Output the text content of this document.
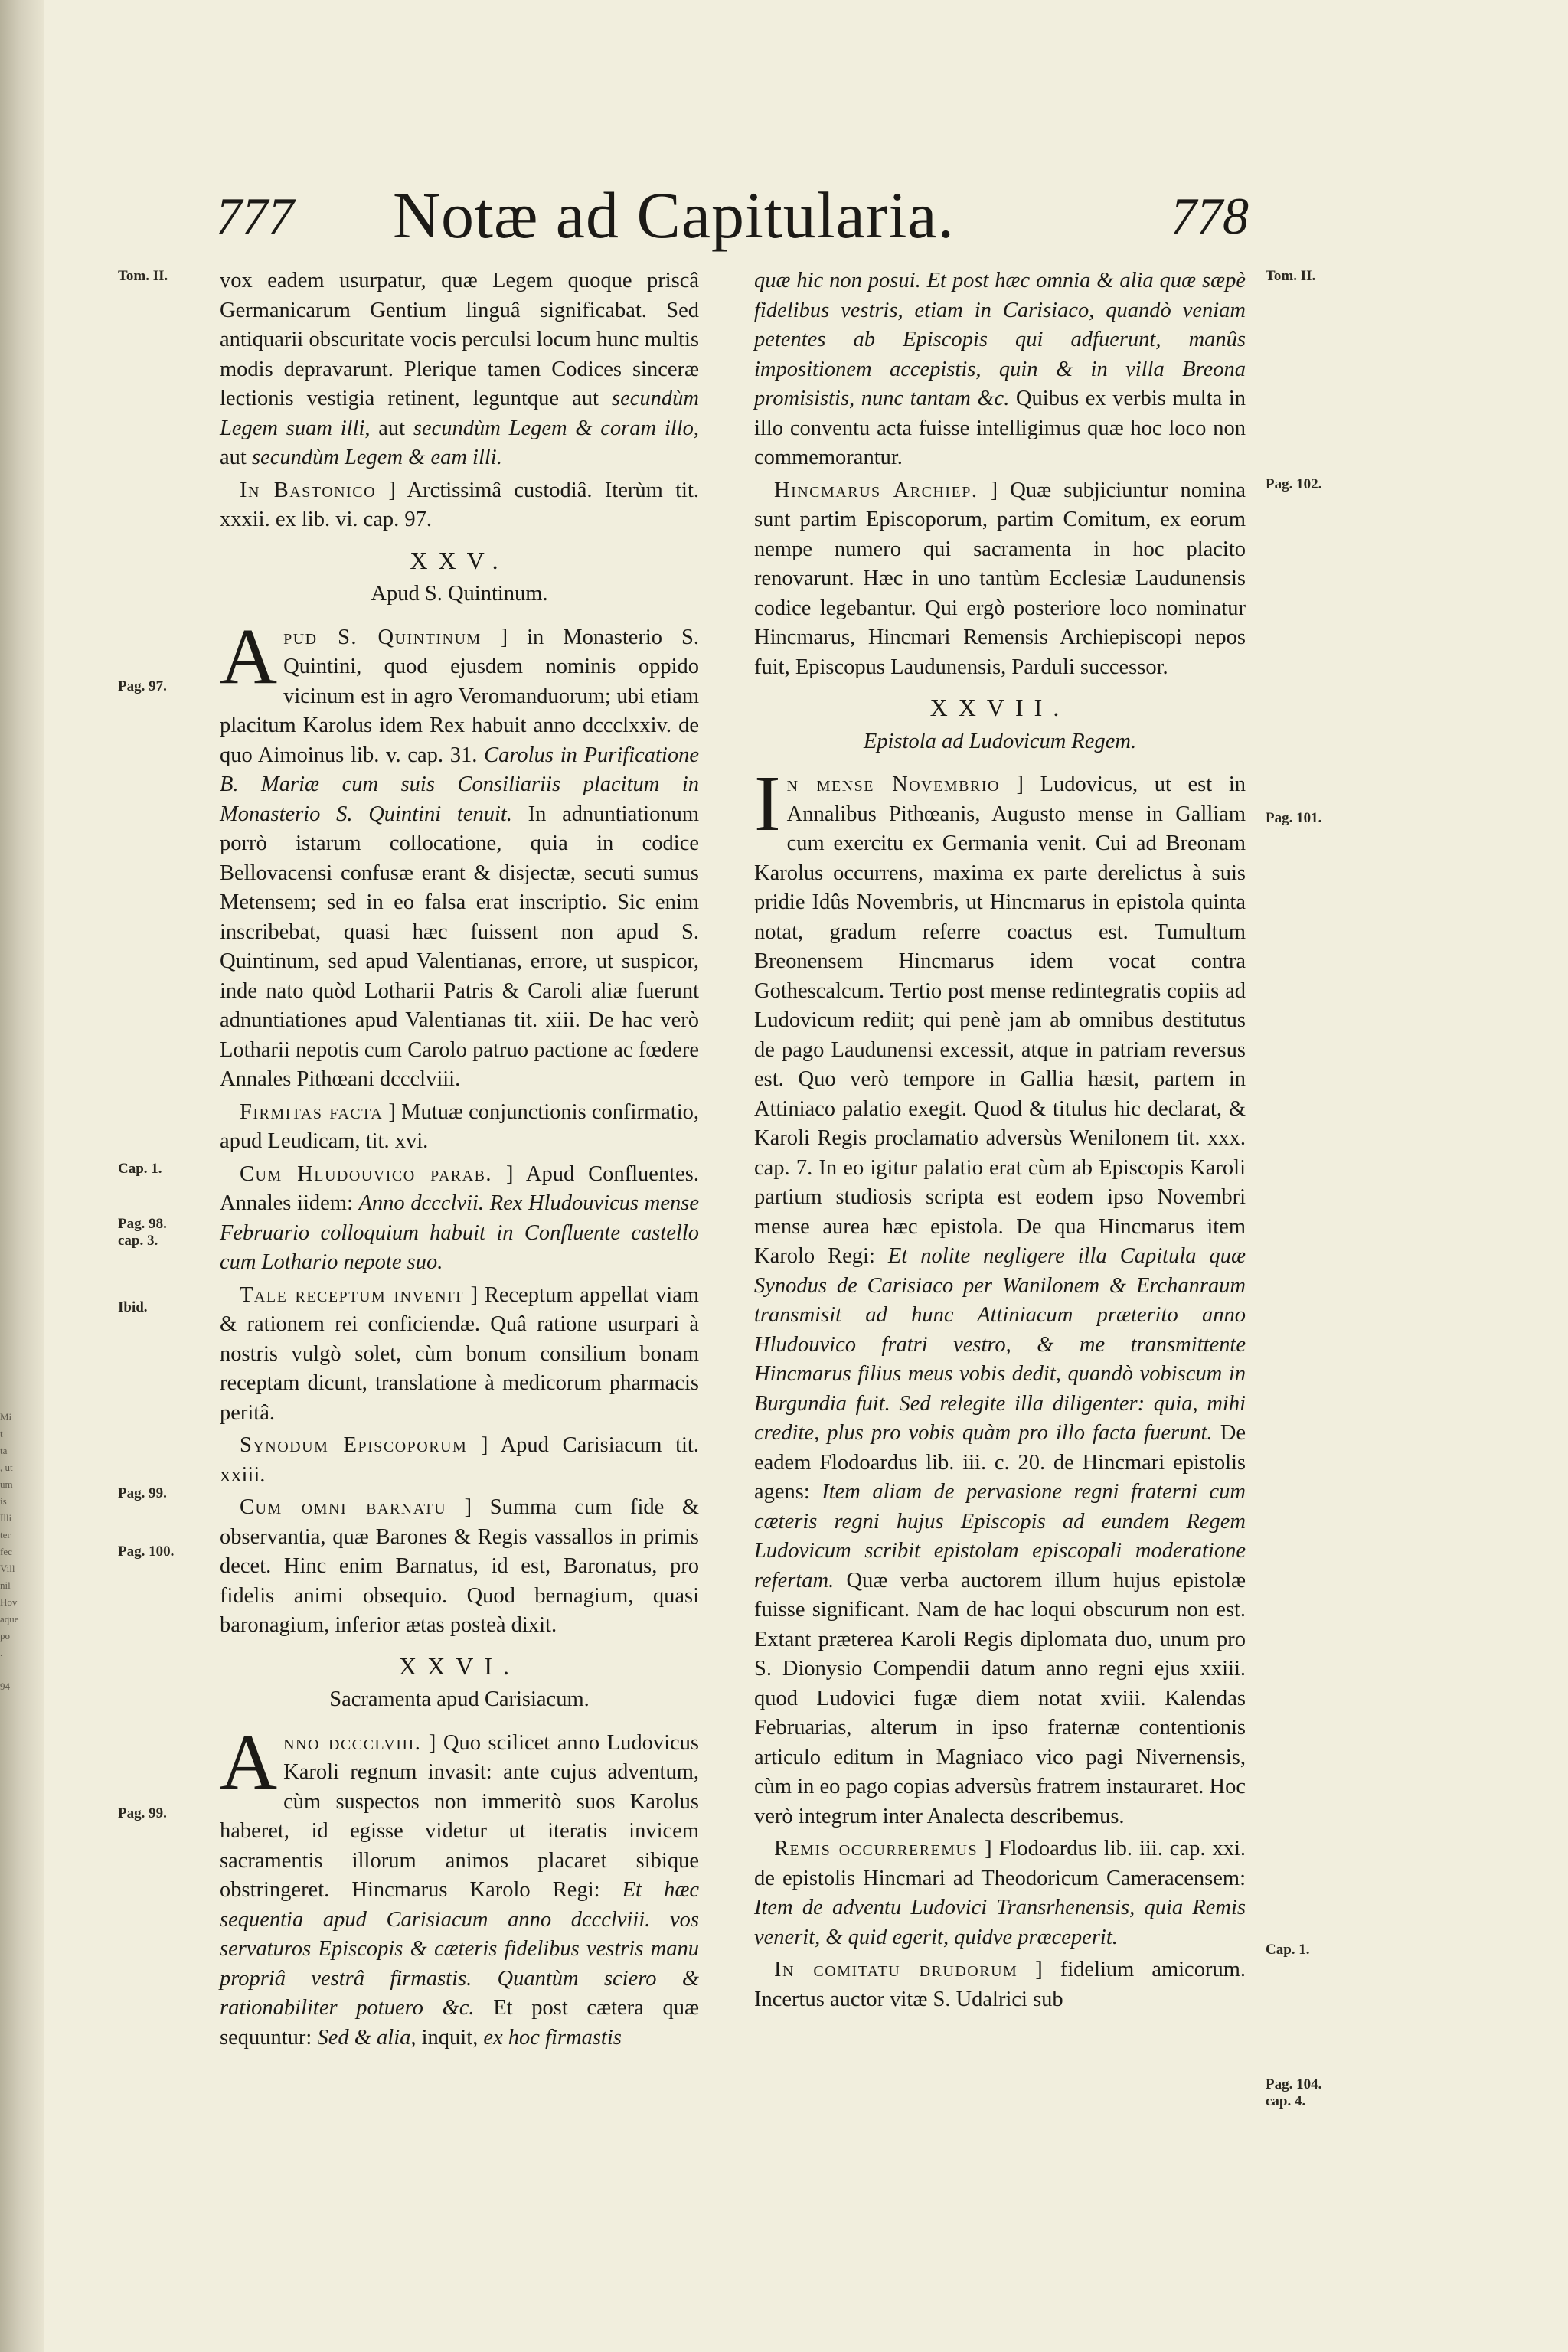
Mi
t
ta
, ut
um
is
Illi
ter
fec
Vill
nil
Hov
aque
po
.

94
777	Notæ ad Capitularia.	778
Tom. II.
Pag. 97.
Cap. 1.
Pag. 98.
cap. 3.
Ibid.
Pag. 99.
Pag. 100.
Pag. 99.
Tom. II.
Pag. 102.
Pag. 101.
Cap. 1.
Pag. 104.
cap. 4.

vox eadem usurpatur, quæ Legem quoque priscâ Germanicarum Gentium linguâ significabat. Sed antiquarii obscuritate vocis perculsi locum hunc multis modis depravarunt. Plerique tamen Codices sinceræ lectionis vestigia retinent, leguntque aut secundùm Legem suam illi, aut secundùm Legem & coram illo, aut secundùm Legem & eam illi.

In Bastonico ] Arctissimâ custodiâ. Iterùm tit. xxxii. ex lib. vi. cap. 97.

XXV.
Apud S. Quintinum.

Apud S. Quintinum ] in Monasterio S. Quintini, quod ejusdem nominis oppido vicinum est in agro Veromanduorum; ubi etiam placitum Karolus idem Rex habuit anno dccclxxiv. de quo Aimoinus lib. v. cap. 31. Carolus in Purificatione B. Mariæ cum suis Consiliariis placitum in Monasterio S. Quintini tenuit. In adnuntiationum porrò istarum collocatione, quia in codice Bellovacensi confusæ erant & disjectæ, secuti sumus Metensem; sed in eo falsa erat inscriptio. Sic enim inscribebat, quasi hæc fuissent non apud S. Quintinum, sed apud Valentianas, errore, ut suspicor, inde nato quòd Lotharii Patris & Caroli aliæ fuerunt adnuntiationes apud Valentianas tit. xiii. De hac verò Lotharii nepotis cum Carolo patruo pactione ac fœdere Annales Pithœani dccclviii.

Firmitas facta ] Mutuæ conjunctionis confirmatio, apud Leudicam, tit. xvi.

Cum Hludouvico parab. ] Apud Confluentes. Annales iidem: Anno dccclvii. Rex Hludouvicus mense Februario colloquium habuit in Confluente castello cum Lothario nepote suo.

Tale receptum invenit ] Receptum appellat viam & rationem rei conficiendæ. Quâ ratione usurpari à nostris vulgò solet, cùm bonum consilium bonam receptam dicunt, translatione à medicorum pharmacis peritâ.

Synodum Episcoporum ] Apud Carisiacum tit. xxiii.

Cum omni barnatu ] Summa cum fide & observantia, quæ Barones & Regis vassallos in primis decet. Hinc enim Barnatus, id est, Baronatus, pro fidelis animi obsequio. Quod bernagium, quasi baronagium, inferior ætas posteà dixit.

XXVI.
Sacramenta apud Carisiacum.

Anno dccclviii. ] Quo scilicet anno Ludovicus Karoli regnum invasit: ante cujus adventum, cùm suspectos non immeritò suos Karolus haberet, id egisse videtur ut iteratis invicem sacramentis illorum animos placaret sibique obstringeret. Hincmarus Karolo Regi: Et hæc sequentia apud Carisiacum anno dccclviii. vos servaturos Episcopis & cæteris fidelibus vestris manu propriâ vestrâ firmastis. Quantùm sciero & rationabiliter potuero &c. Et post cætera quæ sequuntur: Sed & alia, inquit, ex hoc firmastis

quæ hic non posui. Et post hæc omnia & alia quæ sæpè fidelibus vestris, etiam in Carisiaco, quandò veniam petentes ab Episcopis qui adfuerunt, manûs impositionem accepistis, quin & in villa Breona promisistis, nunc tantam &c. Quibus ex verbis multa in illo conventu acta fuisse intelligimus quæ hoc loco non commemorantur.

Hincmarus Archiep. ] Quæ subjiciuntur nomina sunt partim Episcoporum, partim Comitum, ex eorum nempe numero qui sacramenta in hoc placito renovarunt. Hæc in uno tantùm Ecclesiæ Laudunensis codice legebantur. Qui ergò posteriore loco nominatur Hincmarus, Hincmari Remensis Archiepiscopi nepos fuit, Episcopus Laudunensis, Parduli successor.

XXVII.
Epistola ad Ludovicum Regem.

In mense Novembrio ] Ludovicus, ut est in Annalibus Pithœanis, Augusto mense in Galliam cum exercitu ex Germania venit. Cui ad Breonam Karolus occurrens, maxima ex parte derelictus à suis pridie Idûs Novembris, ut Hincmarus in epistola quinta notat, gradum referre coactus est. Tumultum Breonensem Hincmarus idem vocat contra Gothescalcum. Tertio post mense redintegratis copiis ad Ludovicum rediit; qui penè jam ab omnibus destitutus de pago Laudunensi excessit, atque in patriam reversus est. Quo verò tempore in Gallia hæsit, partem in Attiniaco palatio exegit. Quod & titulus hic declarat, & Karoli Regis proclamatio adversùs Wenilonem tit. xxx. cap. 7. In eo igitur palatio erat cùm ab Episcopis Karoli partium studiosis scripta est eodem ipso Novembri mense aurea hæc epistola. De qua Hincmarus item Karolo Regi: Et nolite negligere illa Capitula quæ Synodus de Carisiaco per Wanilonem & Erchanraum transmisit ad hunc Attiniacum præterito anno Hludouvico fratri vestro, & me transmittente Hincmarus filius meus vobis dedit, quandò vobiscum in Burgundia fuit. Sed relegite illa diligenter: quia, mihi credite, plus pro vobis quàm pro illo facta fuerunt. De eadem Flodoardus lib. iii. c. 20. de Hincmari epistolis agens: Item aliam de pervasione regni fraterni cum cæteris regni hujus Episcopis ad eundem Regem Ludovicum scribit epistolam episcopali moderatione refertam. Quæ verba auctorem illum hujus epistolæ fuisse significant. Nam de hac loqui obscurum non est. Extant præterea Karoli Regis diplomata duo, unum pro S. Dionysio Compendii datum anno regni ejus xxiii. quod Ludovici fugæ diem notat xviii. Kalendas Februarias, alterum in ipso fraternæ contentionis articulo editum in Magniaco vico pagi Nivernensis, cùm in eo pago copias adversùs fratrem instauraret. Hoc verò integrum inter Analecta describemus.

Remis occurreremus ] Flodoardus lib. iii. cap. xxi. de epistolis Hincmari ad Theodoricum Cameracensem: Item de adventu Ludovici Transrhenensis, quia Remis venerit, & quid egerit, quidve præceperit.

In comitatu drudorum ] fidelium amicorum. Incertus auctor vitæ S. Udalrici sub
